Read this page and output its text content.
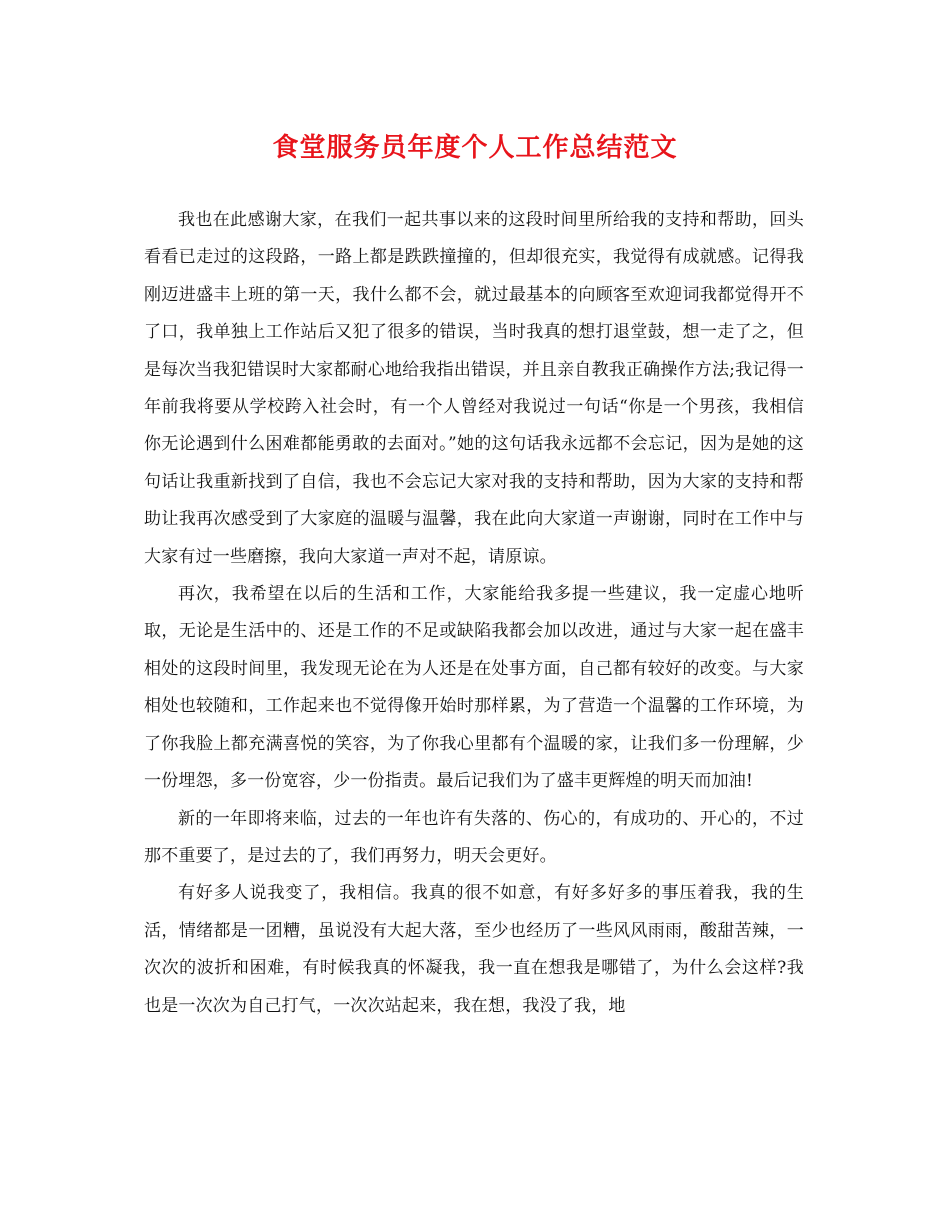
食堂服务员年度个人工作总结范文

我也在此感谢大家，在我们一起共事以来的这段时间里所给我的支持和帮助，回头看看已走过的这段路，一路上都是跌跌撞撞的，但却很充实，我觉得有成就感。记得我刚迈进盛丰上班的第一天，我什么都不会，就过最基本的向顾客至欢迎词我都觉得开不了口，我单独上工作站后又犯了很多的错误，当时我真的想打退堂鼓，想一走了之，但是每次当我犯错误时大家都耐心地给我指出错误，并且亲自教我正确操作方法;我记得一年前我将要从学校跨入社会时，有一个人曾经对我说过一句话“你是一个男孩，我相信你无论遇到什么困难都能勇敢的去面对。”她的这句话我永远都不会忘记，因为是她的这句话让我重新找到了自信，我也不会忘记大家对我的支持和帮助，因为大家的支持和帮助让我再次感受到了大家庭的温暖与温馨，我在此向大家道一声谢谢，同时在工作中与大家有过一些磨擦，我向大家道一声对不起，请原谅。

再次，我希望在以后的生活和工作，大家能给我多提一些建议，我一定虚心地听取，无论是生活中的、还是工作的不足或缺陷我都会加以改进，通过与大家一起在盛丰相处的这段时间里，我发现无论在为人还是在处事方面，自己都有较好的改变。与大家相处也较随和，工作起来也不觉得像开始时那样累，为了营造一个温馨的工作环境，为了你我脸上都充满喜悦的笑容，为了你我心里都有个温暖的家，让我们多一份理解，少一份埋怨，多一份宽容，少一份指责。最后记我们为了盛丰更辉煌的明天而加油!

新的一年即将来临，过去的一年也许有失落的、伤心的，有成功的、开心的，不过那不重要了，是过去的了，我们再努力，明天会更好。

有好多人说我变了，我相信。我真的很不如意，有好多好多的事压着我，我的生活，情绪都是一团糟，虽说没有大起大落，至少也经历了一些风风雨雨，酸甜苦辣，一次次的波折和困难，有时候我真的怀凝我，我一直在想我是哪错了，为什么会这样?我也是一次次为自己打气，一次次站起来，我在想，我没了我，地
